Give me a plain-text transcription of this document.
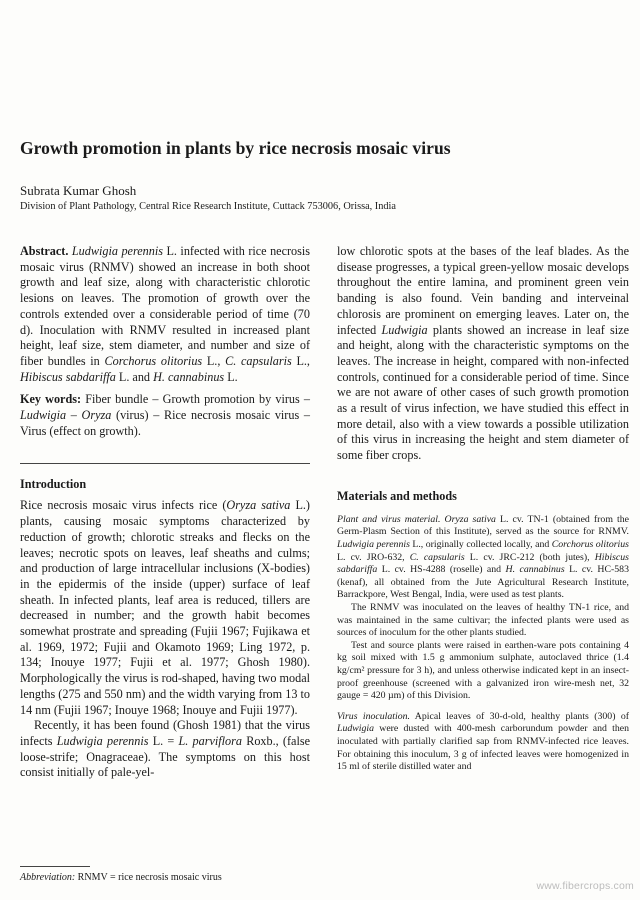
Growth promotion in plants by rice necrosis mosaic virus
Subrata Kumar Ghosh
Division of Plant Pathology, Central Rice Research Institute, Cuttack 753006, Orissa, India

Abstract. Ludwigia perennis L. infected with rice necrosis mosaic virus (RNMV) showed an increase in both shoot growth and leaf size, along with characteristic chlorotic lesions on leaves. The promotion of growth over the controls extended over a considerable period of time (70 d). Inoculation with RNMV resulted in increased plant height, leaf size, stem diameter, and number and size of fiber bundles in Corchorus olitorius L., C. capsularis L., Hibiscus sabdariffa L. and H. cannabinus L.

Key words: Fiber bundle – Growth promotion by virus – Ludwigia – Oryza (virus) – Rice necrosis mosaic virus – Virus (effect on growth).

Introduction

Rice necrosis mosaic virus infects rice (Oryza sativa L.) plants, causing mosaic symptoms characterized by reduction of growth; chlorotic streaks and flecks on the leaves; necrotic spots on leaves, leaf sheaths and culms; and production of large intracellular inclusions (X-bodies) in the epidermis of the inside (upper) surface of leaf sheath. In infected plants, leaf area is reduced, tillers are decreased in number; and the growth habit becomes somewhat prostrate and spreading (Fujii 1967; Fujikawa et al. 1969, 1972; Fujii and Okamoto 1969; Ling 1972, p. 134; Inouye 1977; Fujii et al. 1977; Ghosh 1980). Morphologically the virus is rod-shaped, having two modal lengths (275 and 550 nm) and the width varying from 13 to 14 nm (Fujii 1967; Inouye 1968; Inouye and Fujii 1977).

Recently, it has been found (Ghosh 1981) that the virus infects Ludwigia perennis L. = L. parviflora Roxb., (false loose-strife; Onagraceae). The symptoms on this host consist initially of pale-yel-

low chlorotic spots at the bases of the leaf blades. As the disease progresses, a typical green-yellow mosaic develops throughout the entire lamina, and prominent green vein banding is also found. Vein banding and interveinal chlorosis are prominent on emerging leaves. Later on, the infected Ludwigia plants showed an increase in leaf size and height, along with the characteristic symptoms on the leaves. The increase in height, compared with non-infected controls, continued for a considerable period of time. Since we are not aware of other cases of such growth promotion as a result of virus infection, we have studied this effect in more detail, also with a view towards a possible utilization of this virus in increasing the height and stem diameter of some fiber crops.

Materials and methods

Plant and virus material. Oryza sativa L. cv. TN-1 (obtained from the Germ-Plasm Section of this Institute), served as the source for RNMV. Ludwigia perennis L., originally collected locally, and Corchorus olitorius L. cv. JRO-632, C. capsularis L. cv. JRC-212 (both jutes), Hibiscus sabdariffa L. cv. HS-4288 (roselle) and H. cannabinus L. cv. HC-583 (kenaf), all obtained from the Jute Agricultural Research Institute, Barrackpore, West Bengal, India, were used as test plants.

The RNMV was inoculated on the leaves of healthy TN-1 rice, and was maintained in the same cultivar; the infected plants were used as sources of inoculum for the other plants studied.

Test and source plants were raised in earthen-ware pots containing 4 kg soil mixed with 1.5 g ammonium sulphate, autoclaved thrice (1.4 kg/cm² pressure for 3 h), and unless otherwise indicated kept in an insect-proof greenhouse (screened with a galvanized iron wire-mesh net, 32 gauge = 420 µm) of this Division.

Virus inoculation. Apical leaves of 30-d-old, healthy plants (300) of Ludwigia were dusted with 400-mesh carborundum powder and then inoculated with partially clarified sap from RNMV-infected rice leaves. For obtaining this inoculum, 3 g of infected leaves were homogenized in 15 ml of sterile distilled water and

Abbreviation: RNMV = rice necrosis mosaic virus
www.fibercrops.com
